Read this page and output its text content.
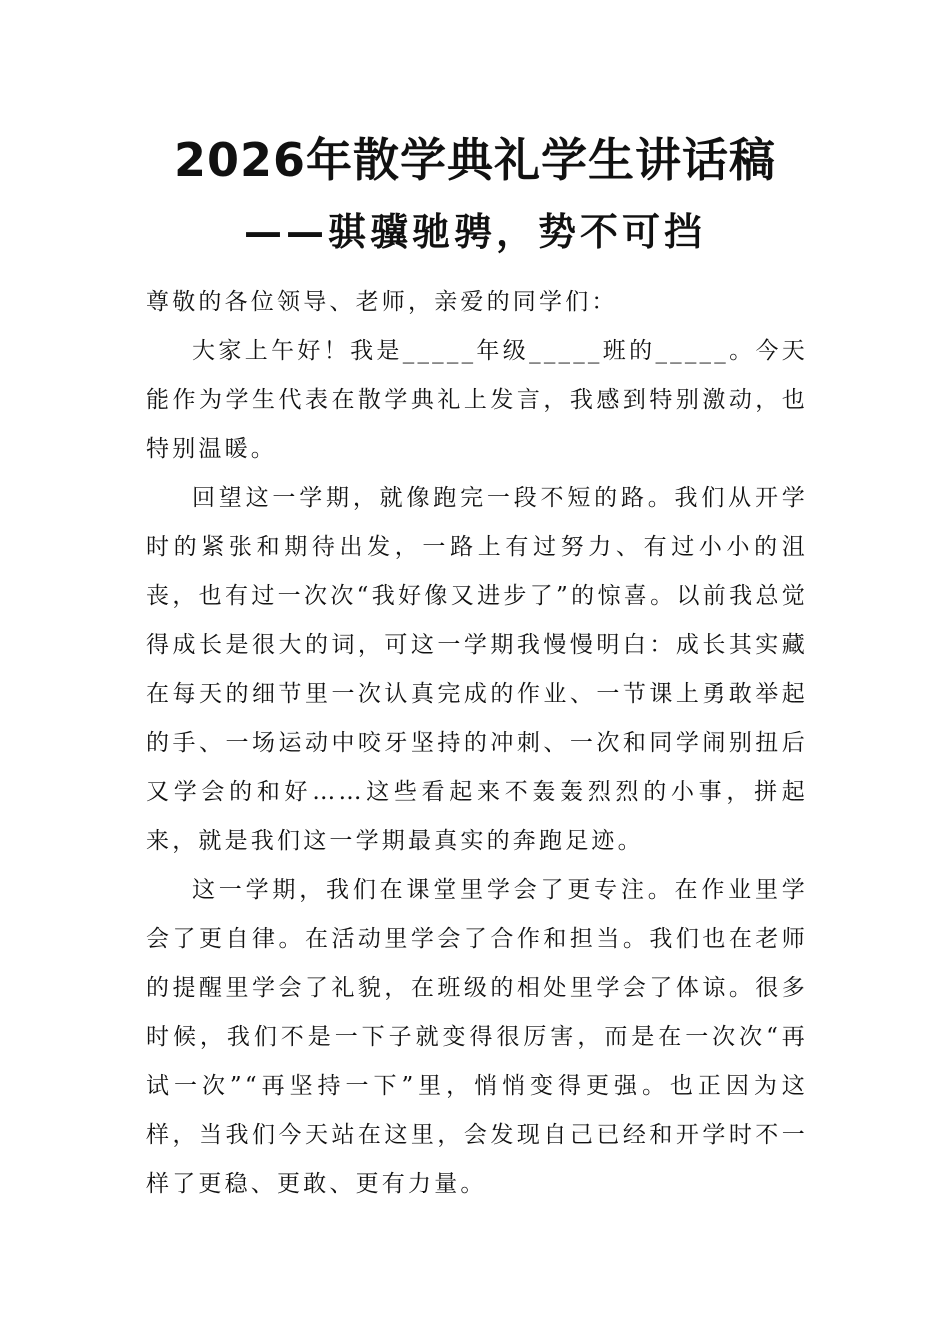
2026年散学典礼学生讲话稿
——骐骥驰骋，势不可挡

尊敬的各位领导、老师，亲爱的同学们：

大家上午好！我是_____年级_____班的_____。今天能作为学生代表在散学典礼上发言，我感到特别激动，也特别温暖。

回望这一学期，就像跑完一段不短的路。我们从开学时的紧张和期待出发，一路上有过努力、有过小小的沮丧，也有过一次次“我好像又进步了”的惊喜。以前我总觉得成长是很大的词，可这一学期我慢慢明白：成长其实藏在每天的细节里一次认真完成的作业、一节课上勇敢举起的手、一场运动中咬牙坚持的冲刺、一次和同学闹别扭后又学会的和好……这些看起来不轰轰烈烈的小事，拼起来，就是我们这一学期最真实的奔跑足迹。

这一学期，我们在课堂里学会了更专注。在作业里学会了更自律。在活动里学会了合作和担当。我们也在老师的提醒里学会了礼貌，在班级的相处里学会了体谅。很多时候，我们不是一下子就变得很厉害，而是在一次次“再试一次”“再坚持一下”里，悄悄变得更强。也正因为这样，当我们今天站在这里，会发现自己已经和开学时不一样了更稳、更敢、更有力量。
